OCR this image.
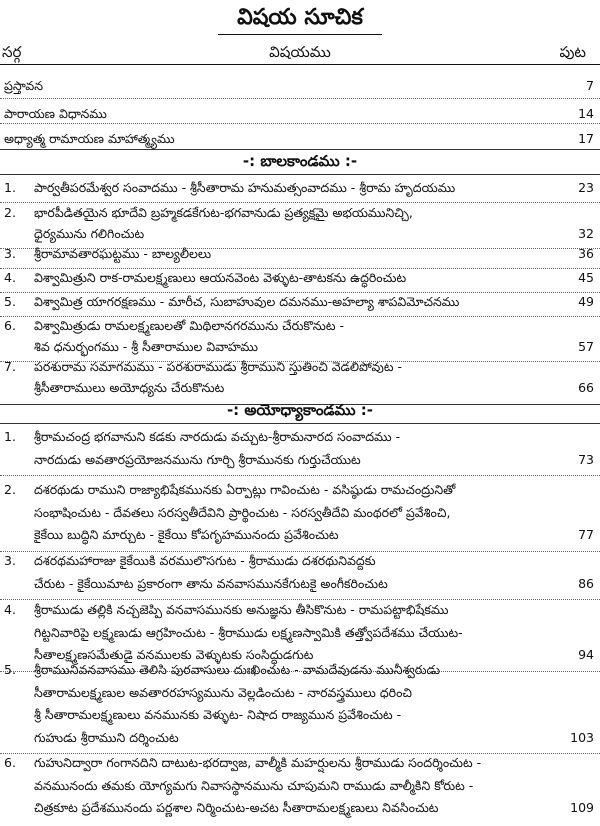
విషయ సూచిక
సర్గ	విషయము	పుట
ప్రస్తావన	7
పారాయణ విధానము	14
అధ్యాత్మ రామాయణ మాహాత్మ్యము	17
-: బాలకాండము :-
1. పార్వతీపరమేశ్వర సంవాదము - శ్రీసీతారామ హనుమత్సంవాదము - శ్రీరామ హృదయము	23
2. భారపీడితయైన భూదేవి బ్రహ్మకడకేగుట-భగవానుడు ప్రత్యక్షమై అభయమునిచ్చి,
ధైర్యమును గలిగించుట	32
3. శ్రీరామావతారఘట్టము - బాల్యలీలలు	36
4. విశ్వామిత్రుని రాక-రామలక్ష్మణులు ఆయనవెంట వెళ్ళుట-తాటకను ఉద్ధరించుట	45
5. విశ్వామిత్ర యాగరక్షణము - మారీచ, సుబాహువుల దమనము-అహల్యా శాపవిమోచనము	49
6. విశ్వామిత్రుడు రామలక్ష్మణులతో మిథిలానగరమును చేరుకొనుట -
శివ ధనుర్భంగము - శ్రీ సీతారాముల వివాహము	57
7. పరశురామ సమాగమము - పరశురాముడు శ్రీరాముని స్తుతించి వెడలిపోవుట -
శ్రీసీతారాములు అయోధ్యను చేరుకొనుట	66
-: అయోధ్యాకాండము :-
1. శ్రీరామచంద్ర భగవానుని కడకు నారదుడు వచ్చుట-శ్రీరామనారద సంవాదము -
నారదుడు అవతారప్రయోజనమును గూర్చి శ్రీరామునకు గుర్తుచేయుట	73
2. దశరథుడు రాముని రాజ్యాభిషేకమునకు ఏర్పాట్లు గావించుట - వసిష్ఠుడు రామచంద్రునితో
సంభాషించుట - దేవతలు సరస్వతీదేవిని ప్రార్థించుట - సరస్వతీదేవి మంథరలో ప్రవేశించి,
కైకేయి బుద్ధిని మార్చుట - కైకేయి కోపగృహమునందు ప్రవేశించుట	77
3. దశరథమహారాజు కైకేయికి వరములొసగుట - శ్రీరాముడు దశరథునివద్దకు
చేరుట - కైకేయిమాట ప్రకారంగా తాను వనవాసమునకేగుటకై అంగీకరించుట	86
4. శ్రీరాముడు తల్లికి నచ్చజెప్పి వనవాసమునకు అనుజ్ఞను తీసికొనుట - రామపట్టాభిషేకము
గిట్టనివారిపై లక్ష్మణుడు ఆగ్రహించుట - శ్రీరాముడు లక్ష్మణస్వామికి తత్త్వోపదేశము చేయుట-
సీతాలక్ష్మణసమేతుడై వనములకు వెళ్ళుటకు సంసిద్ధుడగుట	94
5. శ్రీరామునివనవాసము తెలిసి పురవాసులు దుఃఖించుట - వామదేవుడను మునీశ్వరుడు
సీతారామలక్ష్మణుల అవతారరహస్యమును వెల్లడించుట - నారవస్త్రములు ధరించి
శ్రీ సీతారామలక్ష్మణులు వనమునకు వెళ్ళుట- నిషాద రాజ్యమున ప్రవేశించుట -
గుహుడు శ్రీరాముని దర్శించుట	103
6. గుహునిద్వారా గంగానదిని దాటుట-భరద్వాజ, వాల్మీకి మహర్షులను శ్రీరాముడు సందర్శించుట -
వనమునందు తమకు యోగ్యమగు నివాసస్థానమును చూపుమని రాముడు వాల్మీకిని కోరుట -
చిత్రకూట ప్రదేశమునందు పర్ణశాల నిర్మించుట-అచట సీతారామలక్ష్మణులు నివసించుట	109
